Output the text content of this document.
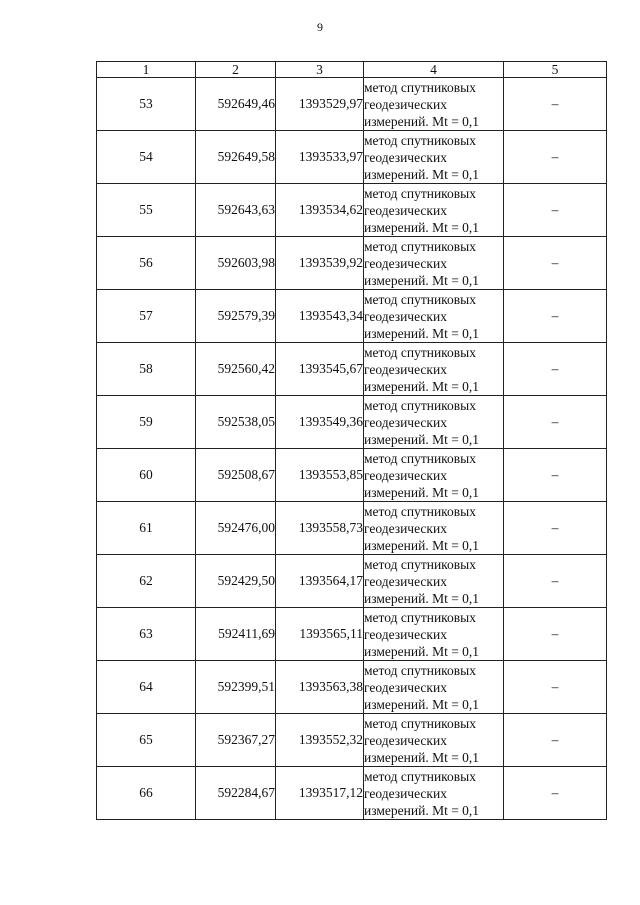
9
1	2	3	4	5
53	592649,46	1393529,97	метод спутниковых
геодезических
измерений. Mt = 0,1	–
54	592649,58	1393533,97	метод спутниковых
геодезических
измерений. Mt = 0,1	–
55	592643,63	1393534,62	метод спутниковых
геодезических
измерений. Mt = 0,1	–
56	592603,98	1393539,92	метод спутниковых
геодезических
измерений. Mt = 0,1	–
57	592579,39	1393543,34	метод спутниковых
геодезических
измерений. Mt = 0,1	–
58	592560,42	1393545,67	метод спутниковых
геодезических
измерений. Mt = 0,1	–
59	592538,05	1393549,36	метод спутниковых
геодезических
измерений. Mt = 0,1	–
60	592508,67	1393553,85	метод спутниковых
геодезических
измерений. Mt = 0,1	–
61	592476,00	1393558,73	метод спутниковых
геодезических
измерений. Mt = 0,1	–
62	592429,50	1393564,17	метод спутниковых
геодезических
измерений. Mt = 0,1	–
63	592411,69	1393565,11	метод спутниковых
геодезических
измерений. Mt = 0,1	–
64	592399,51	1393563,38	метод спутниковых
геодезических
измерений. Mt = 0,1	–
65	592367,27	1393552,32	метод спутниковых
геодезических
измерений. Mt = 0,1	–
66	592284,67	1393517,12	метод спутниковых
геодезических
измерений. Mt = 0,1	–
